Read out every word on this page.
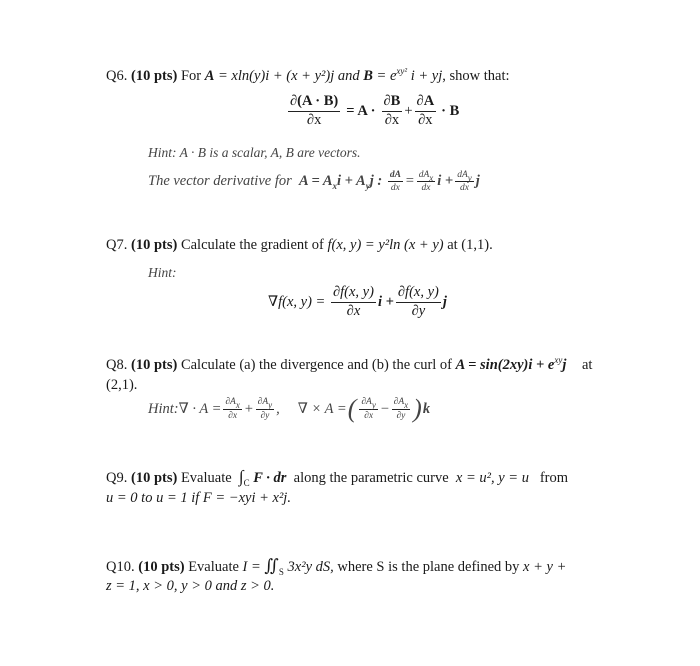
Q6. (10 pts) For A = xln(y)i + (x + y²)j and $B = e^{xy^2}$ i + yj, show that:
$\frac{\partial(A \cdot B)}{\partial x} = A \cdot \frac{\partial B}{\partial x} + \frac{\partial A}{\partial x} \cdot B$
Hint: A · B is a scalar, A, B are vectors.
The vector derivative for
$A = A_xi + A_yj$ :
$\frac{dA}{dx} = \frac{\text{dAx}}{dx}$ $i + \frac{\text{dAy}}{dx}$ j
Q7. (10 pts) Calculate the gradient of f(x, y) = y²ln (x + y) at (1,1).
Hint:
∇f(x, y) =
$\frac{\partial f(x, y)}{\partial x}$ $i + \frac{\partial f(x, y)}{\partial y}$ j
Q8. (10 pts) Calculate (a) the divergence and (b) the curl of $A = \sin(2xy)i + e^{xy}j$ at
(2,1).
Hint:∇ · $A = \frac{\partial Ax}{\partial x} + \frac{\partial Ay}{\partial y}$ , ∇ × A = ( $\frac{\partial Ay}{\partial x} - \frac{\partial Ax}{\partial y}$ ) k
Q9. (10 pts) Evaluate $\int_C$ F · dr along the parametric curve x = u², y = u from
u = 0 to u = 1 if F = −xyi + x²j.
Q10. (10 pts) Evaluate $I = ∬_S$ 3x²y dS, where S is the plane defined by x + y +
z = 1, x > 0, y > 0 and z > 0.
